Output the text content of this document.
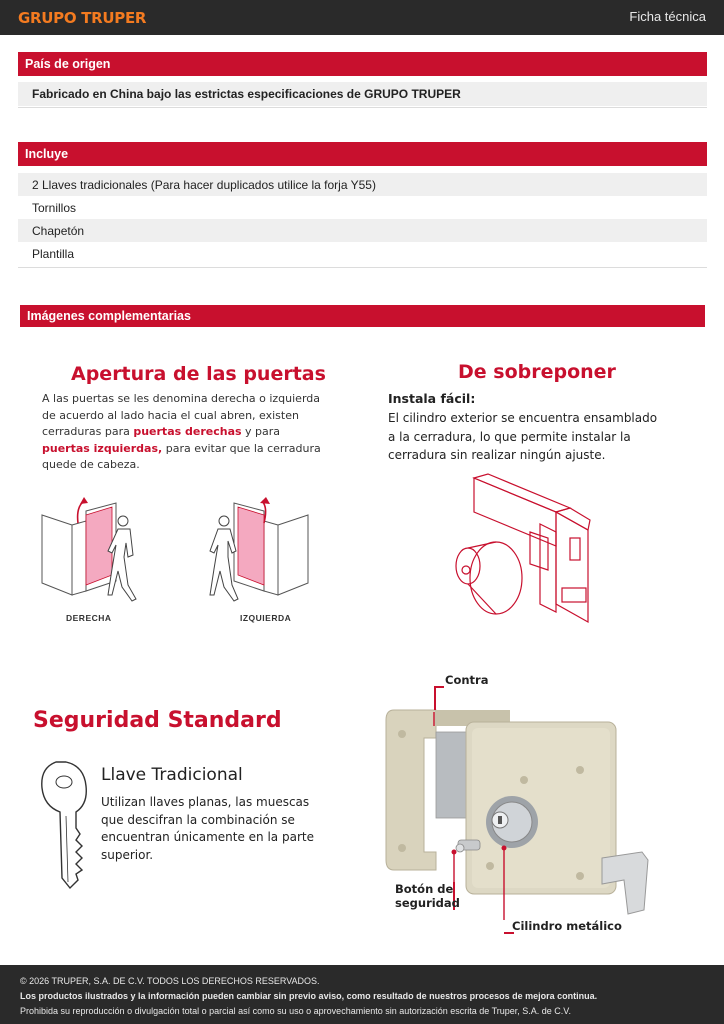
GRUPO TRUPER	Ficha técnica
País de origen
Fabricado en China bajo las estrictas especificaciones de GRUPO TRUPER
Incluye
2 Llaves tradicionales (Para hacer duplicados utilice la forja Y55)
Tornillos
Chapetón
Plantilla
Imágenes complementarias
Apertura de las puertas
A las puertas se les denomina derecha o izquierda de acuerdo al lado hacia el cual abren, existen cerraduras para puertas derechas y para puertas izquierdas, para evitar que la cerradura quede de cabeza.
DERECHA	IZQUIERDA
De sobreponer
Instala fácil:
El cilindro exterior se encuentra ensamblado a la cerradura, lo que permite instalar la cerradura sin realizar ningún ajuste.
Seguridad Standard
Llave Tradicional
Utilizan llaves planas, las muescas que descifran la combinación se encuentran únicamente en la parte superior.
Contra
Botón de seguridad
Cilindro metálico
© 2026 TRUPER, S.A. DE C.V. TODOS LOS DERECHOS RESERVADOS.
Los productos ilustrados y la información pueden cambiar sin previo aviso, como resultado de nuestros procesos de mejora continua.
Prohibida su reproducción o divulgación total o parcial así como su uso o aprovechamiento sin autorización escrita de Truper, S.A. de C.V.
